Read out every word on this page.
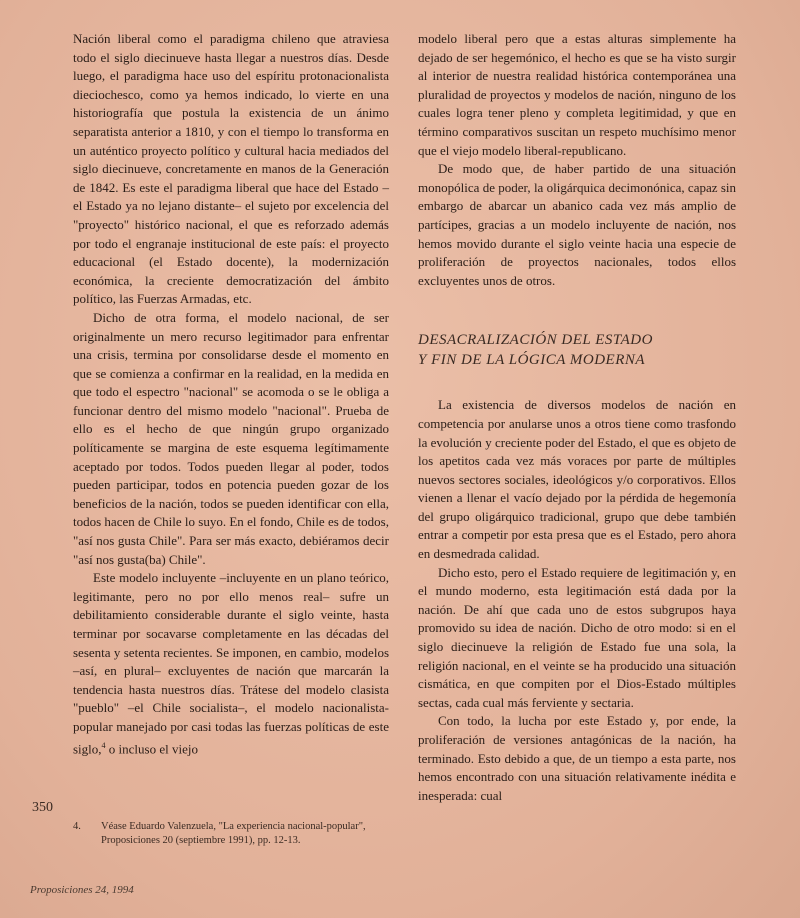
Nación liberal como el paradigma chileno que atraviesa todo el siglo diecinueve hasta llegar a nuestros días. Desde luego, el paradigma hace uso del espíritu protonacionalista dieciochesco, como ya hemos indicado, lo vierte en una historiografía que postula la existencia de un ánimo separatista anterior a 1810, y con el tiempo lo transforma en un auténtico proyecto político y cultural hacia mediados del siglo diecinueve, concretamente en manos de la Generación de 1842. Es este el paradigma liberal que hace del Estado –el Estado ya no lejano distante– el sujeto por excelencia del "proyecto" histórico nacional, el que es reforzado además por todo el engranaje institucional de este país: el proyecto educacional (el Estado docente), la modernización económica, la creciente democratización del ámbito político, las Fuerzas Armadas, etc.

Dicho de otra forma, el modelo nacional, de ser originalmente un mero recurso legitimador para enfrentar una crisis, termina por consolidarse desde el momento en que se comienza a confirmar en la realidad, en la medida en que todo el espectro "nacional" se acomoda o se le obliga a funcionar dentro del mismo modelo "nacional". Prueba de ello es el hecho de que ningún grupo organizado políticamente se margina de este esquema legítimamente aceptado por todos. Todos pueden llegar al poder, todos pueden participar, todos en potencia pueden gozar de los beneficios de la nación, todos se pueden identificar con ella, todos hacen de Chile lo suyo. En el fondo, Chile es de todos, "así nos gusta Chile". Para ser más exacto, debiéramos decir "así nos gusta(ba) Chile".

Este modelo incluyente –incluyente en un plano teórico, legitimante, pero no por ello menos real– sufre un debilitamiento considerable durante el siglo veinte, hasta terminar por socavarse completamente en las décadas del sesenta y setenta recientes. Se imponen, en cambio, modelos –así, en plural– excluyentes de nación que marcarán la tendencia hasta nuestros días. Trátese del modelo clasista "pueblo" –el Chile socialista–, el modelo nacionalista-popular manejado por casi todas las fuerzas políticas de este siglo,$^4$ o incluso el viejo

modelo liberal pero que a estas alturas simplemente ha dejado de ser hegemónico, el hecho es que se ha visto surgir al interior de nuestra realidad histórica contemporánea una pluralidad de proyectos y modelos de nación, ninguno de los cuales logra tener pleno y completa legitimidad, y que en término comparativos suscitan un respeto muchísimo menor que el viejo modelo liberal-republicano.

De modo que, de haber partido de una situación monopólica de poder, la oligárquica decimonónica, capaz sin embargo de abarcar un abanico cada vez más amplio de partícipes, gracias a un modelo incluyente de nación, nos hemos movido durante el siglo veinte hacia una especie de proliferación de proyectos nacionales, todos ellos excluyentes unos de otros.

DESACRALIZACIÓN DEL ESTADO
Y FIN DE LA LÓGICA MODERNA

La existencia de diversos modelos de nación en competencia por anularse unos a otros tiene como trasfondo la evolución y creciente poder del Estado, el que es objeto de los apetitos cada vez más voraces por parte de múltiples nuevos sectores sociales, ideológicos y/o corporativos. Ellos vienen a llenar el vacío dejado por la pérdida de hegemonía del grupo oligárquico tradicional, grupo que debe también entrar a competir por esta presa que es el Estado, pero ahora en desmedrada calidad.

Dicho esto, pero el Estado requiere de legitimación y, en el mundo moderno, esta legitimación está dada por la nación. De ahí que cada uno de estos subgrupos haya promovido su idea de nación. Dicho de otro modo: si en el siglo diecinueve la religión de Estado fue una sola, la religión nacional, en el veinte se ha producido una situación cismática, en que compiten por el Dios-Estado múltiples sectas, cada cual más ferviente y sectaria.

Con todo, la lucha por este Estado y, por ende, la proliferación de versiones antagónicas de la nación, ha terminado. Esto debido a que, de un tiempo a esta parte, nos hemos encontrado con una situación relativamente inédita e inesperada: cual

350
4. Véase Eduardo Valenzuela, "La experiencia nacional-popular", Proposiciones 20 (septiembre 1991), pp. 12-13.
Proposiciones 24, 1994
